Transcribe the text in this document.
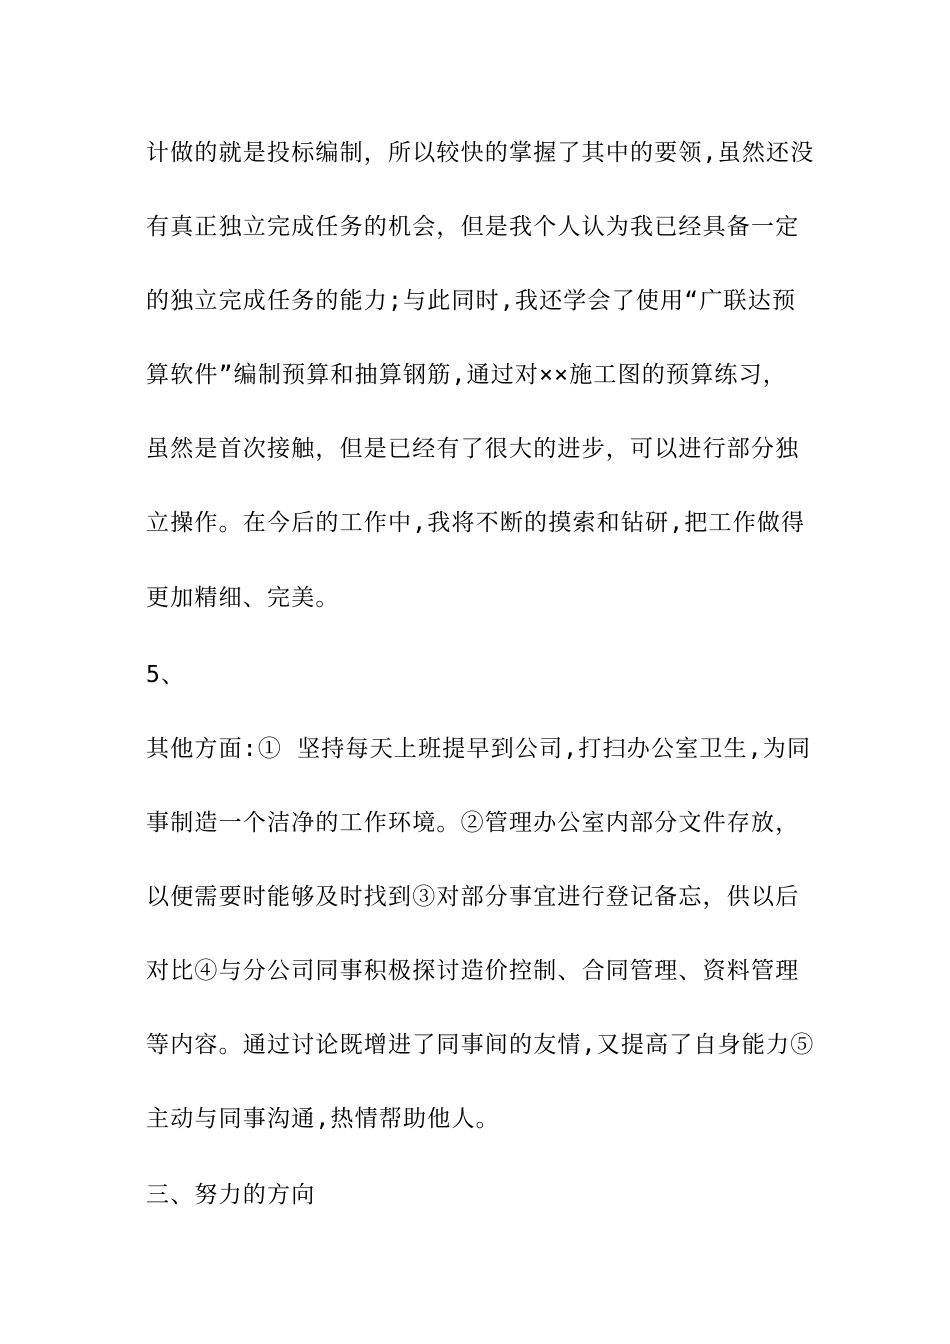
计做的就是投标编制，所以较快的掌握了其中的要领,虽然还没
有真正独立完成任务的机会，但是我个人认为我已经具备一定
的独立完成任务的能力;与此同时,我还学会了使用“广联达预
算软件”编制预算和抽算钢筋,通过对××施工图的预算练习，
虽然是首次接触，但是已经有了很大的进步，可以进行部分独
立操作。在今后的工作中,我将不断的摸索和钻研,把工作做得
更加精细、完美。
5、
其他方面:① 坚持每天上班提早到公司,打扫办公室卫生,为同
事制造一个洁净的工作环境。②管理办公室内部分文件存放，
以便需要时能够及时找到③对部分事宜进行登记备忘，供以后
对比④与分公司同事积极探讨造价控制、合同管理、资料管理
等内容。通过讨论既增进了同事间的友情,又提高了自身能力⑤
主动与同事沟通,热情帮助他人。
三、努力的方向
